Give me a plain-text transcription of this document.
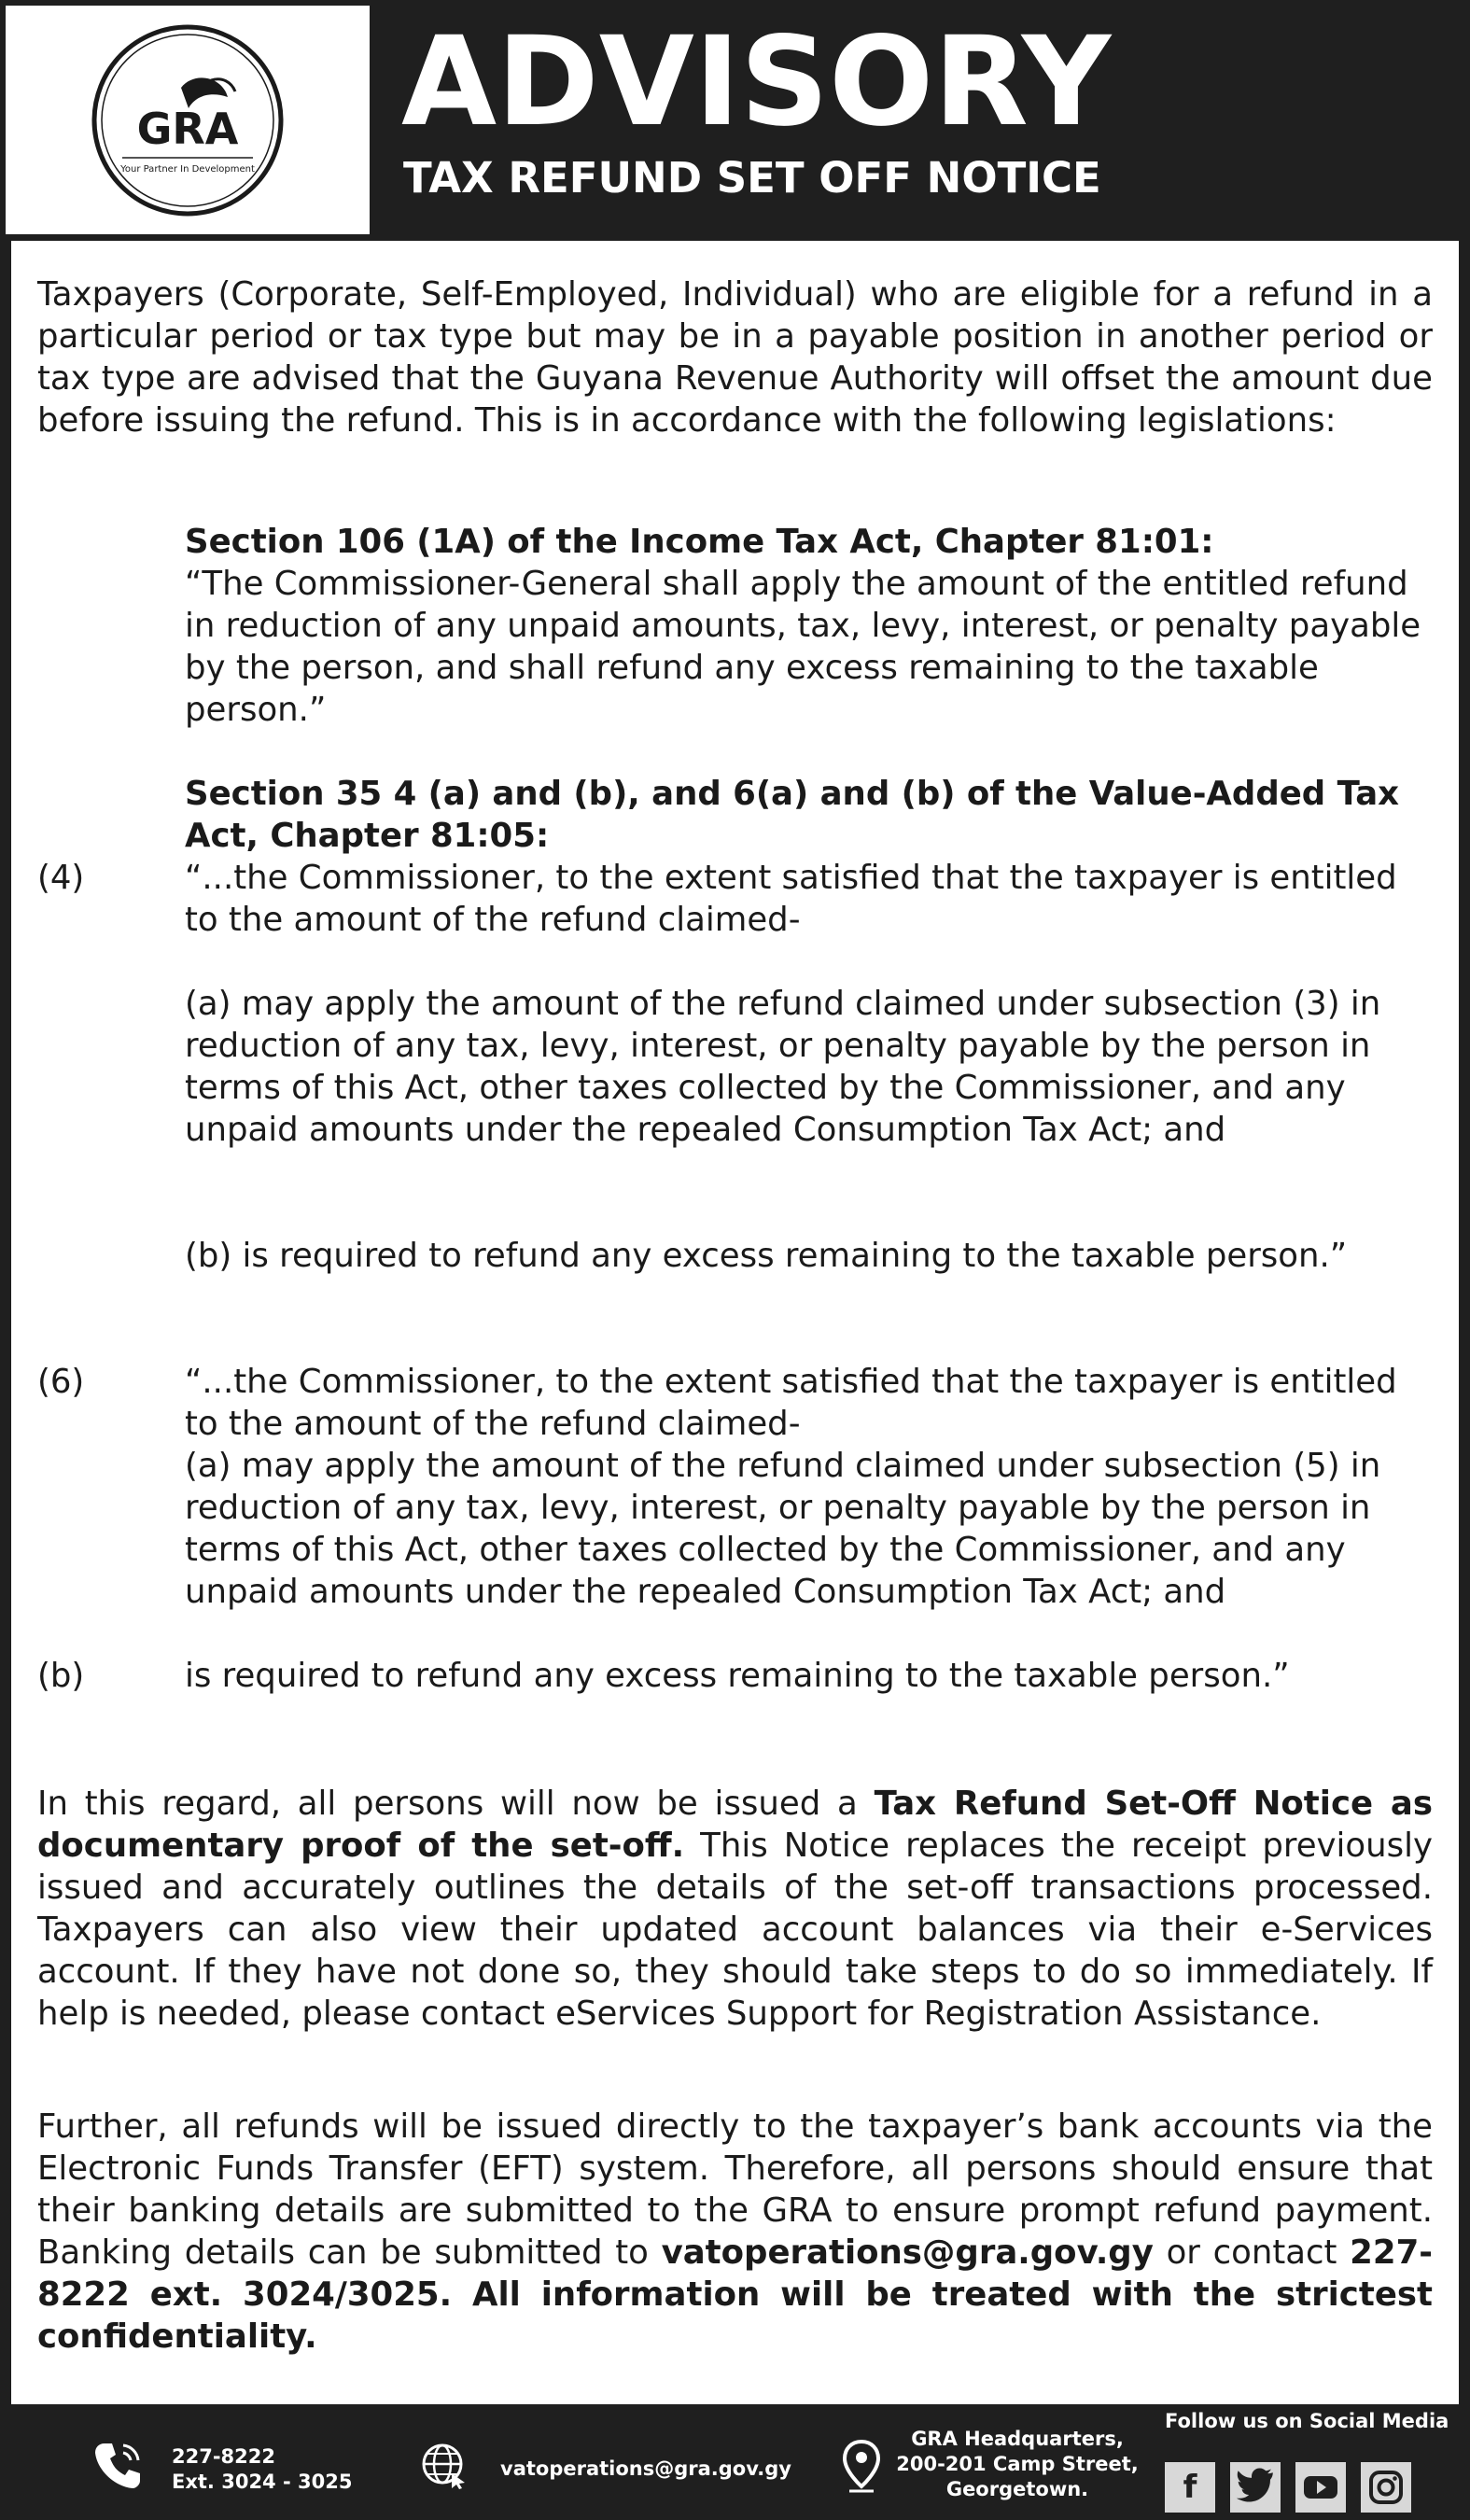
GRA
Your Partner In Development
ADVISORY
TAX REFUND SET OFF NOTICE

Taxpayers (Corporate, Self-Employed, Individual) who are eligible for a refund in a particular period or tax type but may be in a payable position in another period or tax type are advised that the Guyana Revenue Authority will offset the amount due before issuing the refund. This is in accordance with the following legislations:

Section 106 (1A) of the Income Tax Act, Chapter 81:01:

“The Commissioner-General shall apply the amount of the entitled refund in reduction of any unpaid amounts, tax, levy, interest, or penalty payable by the person, and shall refund any excess remaining to the taxable person.”

Section 35 4 (a) and (b), and 6(a) and (b) of the Value-Added Tax Act, Chapter 81:05:

(4)	“...the Commissioner, to the extent satisfied that the taxpayer is entitled to the amount of the refund claimed-

(a) may apply the amount of the refund claimed under subsection (3) in reduction of any tax, levy, interest, or penalty payable by the person in terms of this Act, other taxes collected by the Commissioner, and any unpaid amounts under the repealed Consumption Tax Act; and

(b) is required to refund any excess remaining to the taxable person.”

(6)	“...the Commissioner, to the extent satisfied that the taxpayer is entitled to the amount of the refund claimed-

(a) may apply the amount of the refund claimed under subsection (5) in reduction of any tax, levy, interest, or penalty payable by the person in terms of this Act, other taxes collected by the Commissioner, and any unpaid amounts under the repealed Consumption Tax Act; and

(b)	is required to refund any excess remaining to the taxable person.”

In this regard, all persons will now be issued a Tax Refund Set-Off Notice as documentary proof of the set-off. This Notice replaces the receipt previously issued and accurately outlines the details of the set-off transactions processed. Taxpayers can also view their updated account balances via their e-Services account. If they have not done so, they should take steps to do so immediately. If help is needed, please contact eServices Support for Registration Assistance.

Further, all refunds will be issued directly to the taxpayer’s bank accounts via the Electronic Funds Transfer (EFT) system. Therefore, all persons should ensure that their banking details are submitted to the GRA to ensure prompt refund payment. Banking details can be submitted to vatoperations@gra.gov.gy or contact 227-8222 ext. 3024/3025. All information will be treated with the strictest confidentiality.

227-8222
Ext. 3024 - 3025
vatoperations@gra.gov.gy
GRA Headquarters,
200-201 Camp Street,
Georgetown.
Follow us on Social Media
f
